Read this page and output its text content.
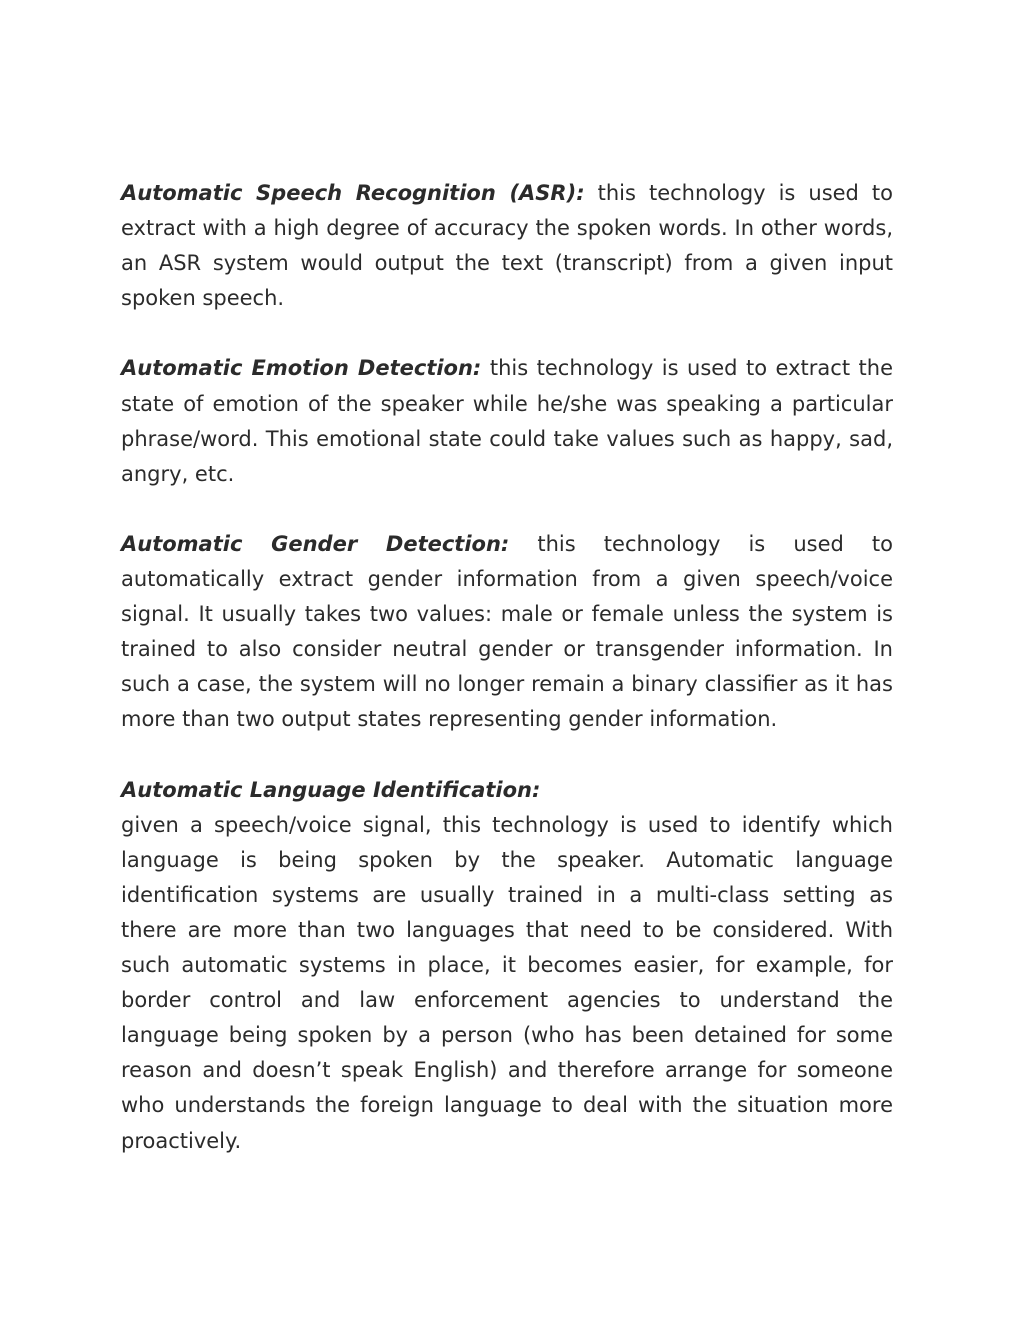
Automatic Speech Recognition (ASR): this technology is used to extract with a high degree of accuracy the spoken words. In other words, an ASR system would output the text (transcript) from a given input spoken speech.

Automatic Emotion Detection: this technology is used to extract the state of emotion of the speaker while he/she was speaking a particular phrase/word. This emotional state could take values such as happy, sad, angry, etc.

Automatic Gender Detection: this technology is used to automatically extract gender information from a given speech/voice signal. It usually takes two values: male or female unless the system is trained to also consider neutral gender or transgender information. In such a case, the system will no longer remain a binary classifier as it has more than two output states representing gender information.

Automatic Language Identification:
given a speech/voice signal, this technology is used to identify which language is being spoken by the speaker. Automatic language identification systems are usually trained in a multi-class setting as there are more than two languages that need to be considered. With such automatic systems in place, it becomes easier, for example, for border control and law enforcement agencies to understand the language being spoken by a person (who has been detained for some reason and doesn’t speak English) and therefore arrange for someone who understands the foreign language to deal with the situation more proactively.
